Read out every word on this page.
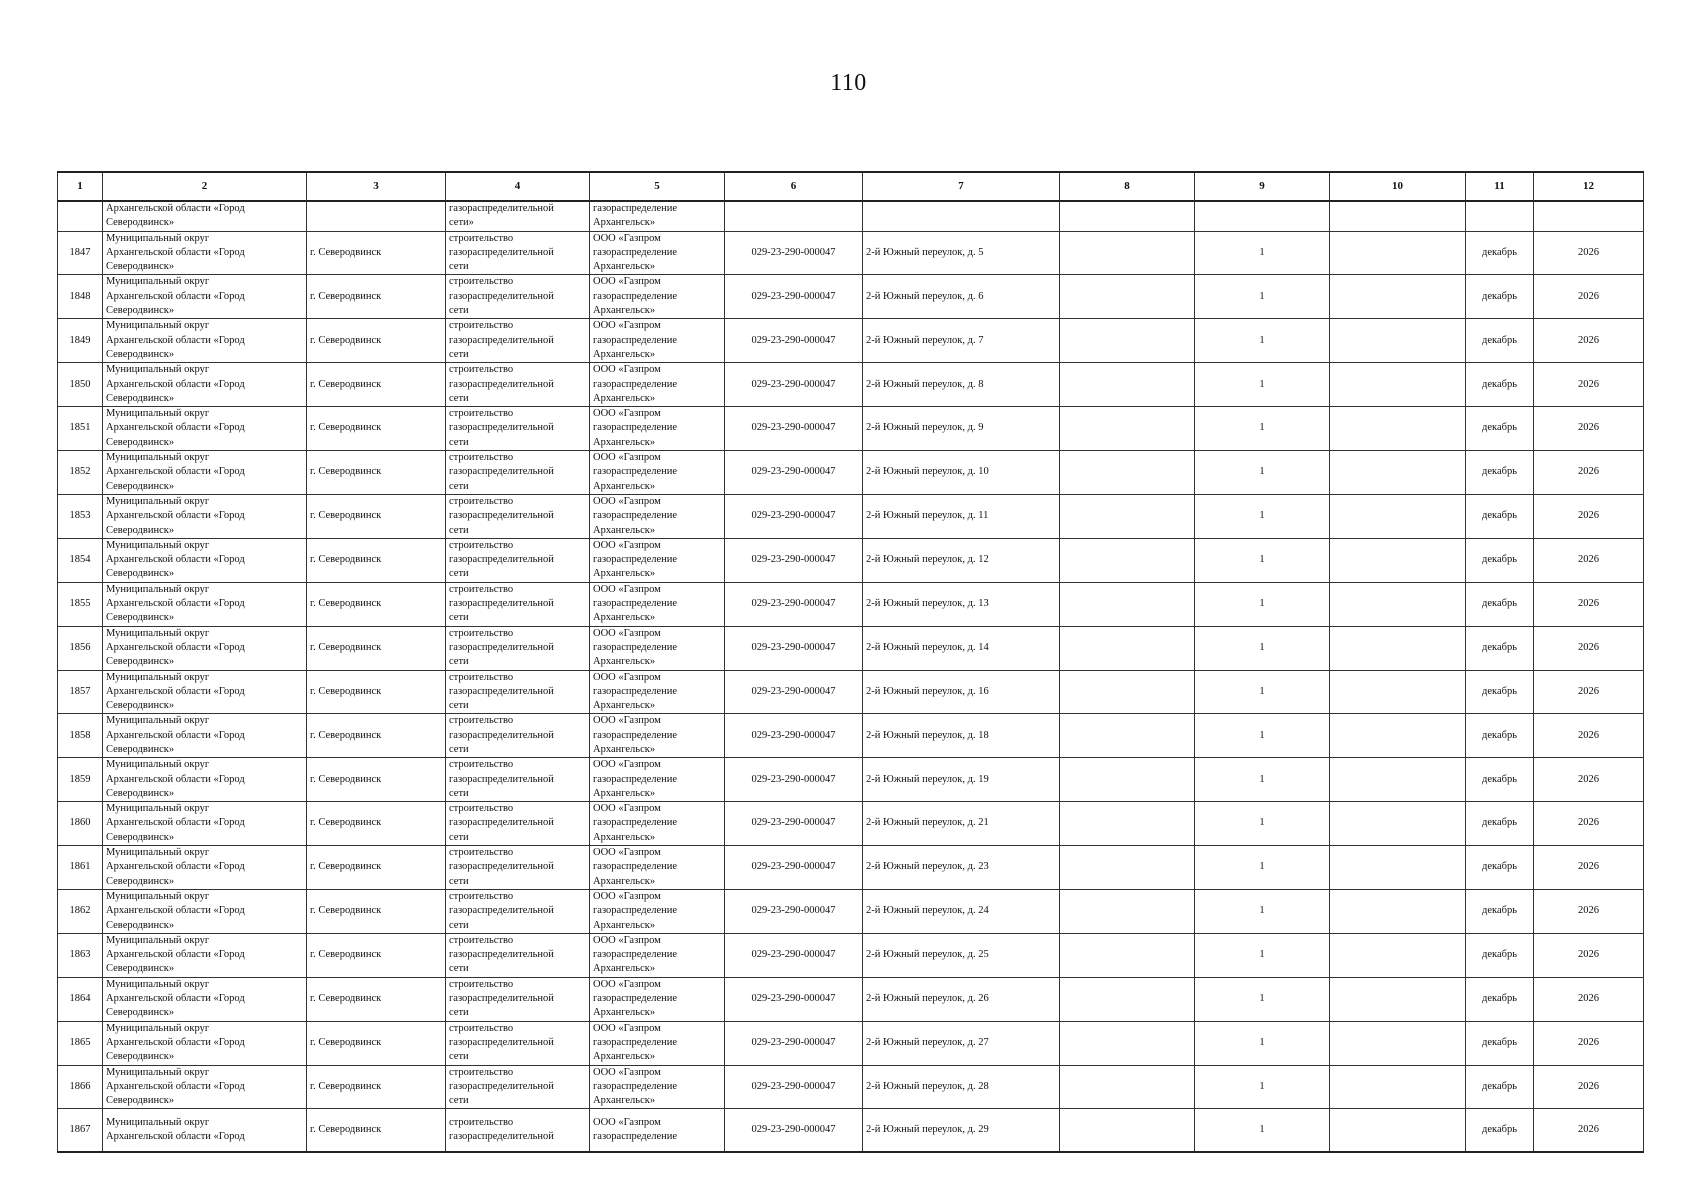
110
1	2	3	4	5	6	7	8	9	10	11	12

	Архангельской области «Город
Северодвинск»		газораспределительной
сети»	газораспределение
Архангельск»							

1847	Муниципальный округ
Архангельской области «Город
Северодвинск»	г. Северодвинск	строительство
газораспределительной
сети	ООО «Газпром
газораспределение
Архангельск»	029-23-290-000047	2-й Южный переулок, д. 5		1		декабрь	2026
1848	Муниципальный округ
Архангельской области «Город
Северодвинск»	г. Северодвинск	строительство
газораспределительной
сети	ООО «Газпром
газораспределение
Архангельск»	029-23-290-000047	2-й Южный переулок, д. 6		1		декабрь	2026
1849	Муниципальный округ
Архангельской области «Город
Северодвинск»	г. Северодвинск	строительство
газораспределительной
сети	ООО «Газпром
газораспределение
Архангельск»	029-23-290-000047	2-й Южный переулок, д. 7		1		декабрь	2026
1850	Муниципальный округ
Архангельской области «Город
Северодвинск»	г. Северодвинск	строительство
газораспределительной
сети	ООО «Газпром
газораспределение
Архангельск»	029-23-290-000047	2-й Южный переулок, д. 8		1		декабрь	2026
1851	Муниципальный округ
Архангельской области «Город
Северодвинск»	г. Северодвинск	строительство
газораспределительной
сети	ООО «Газпром
газораспределение
Архангельск»	029-23-290-000047	2-й Южный переулок, д. 9		1		декабрь	2026
1852	Муниципальный округ
Архангельской области «Город
Северодвинск»	г. Северодвинск	строительство
газораспределительной
сети	ООО «Газпром
газораспределение
Архангельск»	029-23-290-000047	2-й Южный переулок, д. 10		1		декабрь	2026
1853	Муниципальный округ
Архангельской области «Город
Северодвинск»	г. Северодвинск	строительство
газораспределительной
сети	ООО «Газпром
газораспределение
Архангельск»	029-23-290-000047	2-й Южный переулок, д. 11		1		декабрь	2026
1854	Муниципальный округ
Архангельской области «Город
Северодвинск»	г. Северодвинск	строительство
газораспределительной
сети	ООО «Газпром
газораспределение
Архангельск»	029-23-290-000047	2-й Южный переулок, д. 12		1		декабрь	2026
1855	Муниципальный округ
Архангельской области «Город
Северодвинск»	г. Северодвинск	строительство
газораспределительной
сети	ООО «Газпром
газораспределение
Архангельск»	029-23-290-000047	2-й Южный переулок, д. 13		1		декабрь	2026
1856	Муниципальный округ
Архангельской области «Город
Северодвинск»	г. Северодвинск	строительство
газораспределительной
сети	ООО «Газпром
газораспределение
Архангельск»	029-23-290-000047	2-й Южный переулок, д. 14		1		декабрь	2026
1857	Муниципальный округ
Архангельской области «Город
Северодвинск»	г. Северодвинск	строительство
газораспределительной
сети	ООО «Газпром
газораспределение
Архангельск»	029-23-290-000047	2-й Южный переулок, д. 16		1		декабрь	2026
1858	Муниципальный округ
Архангельской области «Город
Северодвинск»	г. Северодвинск	строительство
газораспределительной
сети	ООО «Газпром
газораспределение
Архангельск»	029-23-290-000047	2-й Южный переулок, д. 18		1		декабрь	2026
1859	Муниципальный округ
Архангельской области «Город
Северодвинск»	г. Северодвинск	строительство
газораспределительной
сети	ООО «Газпром
газораспределение
Архангельск»	029-23-290-000047	2-й Южный переулок, д. 19		1		декабрь	2026
1860	Муниципальный округ
Архангельской области «Город
Северодвинск»	г. Северодвинск	строительство
газораспределительной
сети	ООО «Газпром
газораспределение
Архангельск»	029-23-290-000047	2-й Южный переулок, д. 21		1		декабрь	2026
1861	Муниципальный округ
Архангельской области «Город
Северодвинск»	г. Северодвинск	строительство
газораспределительной
сети	ООО «Газпром
газораспределение
Архангельск»	029-23-290-000047	2-й Южный переулок, д. 23		1		декабрь	2026
1862	Муниципальный округ
Архангельской области «Город
Северодвинск»	г. Северодвинск	строительство
газораспределительной
сети	ООО «Газпром
газораспределение
Архангельск»	029-23-290-000047	2-й Южный переулок, д. 24		1		декабрь	2026
1863	Муниципальный округ
Архангельской области «Город
Северодвинск»	г. Северодвинск	строительство
газораспределительной
сети	ООО «Газпром
газораспределение
Архангельск»	029-23-290-000047	2-й Южный переулок, д. 25		1		декабрь	2026
1864	Муниципальный округ
Архангельской области «Город
Северодвинск»	г. Северодвинск	строительство
газораспределительной
сети	ООО «Газпром
газораспределение
Архангельск»	029-23-290-000047	2-й Южный переулок, д. 26		1		декабрь	2026
1865	Муниципальный округ
Архангельской области «Город
Северодвинск»	г. Северодвинск	строительство
газораспределительной
сети	ООО «Газпром
газораспределение
Архангельск»	029-23-290-000047	2-й Южный переулок, д. 27		1		декабрь	2026
1866	Муниципальный округ
Архангельской области «Город
Северодвинск»	г. Северодвинск	строительство
газораспределительной
сети	ООО «Газпром
газораспределение
Архангельск»	029-23-290-000047	2-й Южный переулок, д. 28		1		декабрь	2026
1867	Муниципальный округ
Архангельской области «Город	г. Северодвинск	строительство
газораспределительной	ООО «Газпром
газораспределение	029-23-290-000047	2-й Южный переулок, д. 29		1		декабрь	2026
